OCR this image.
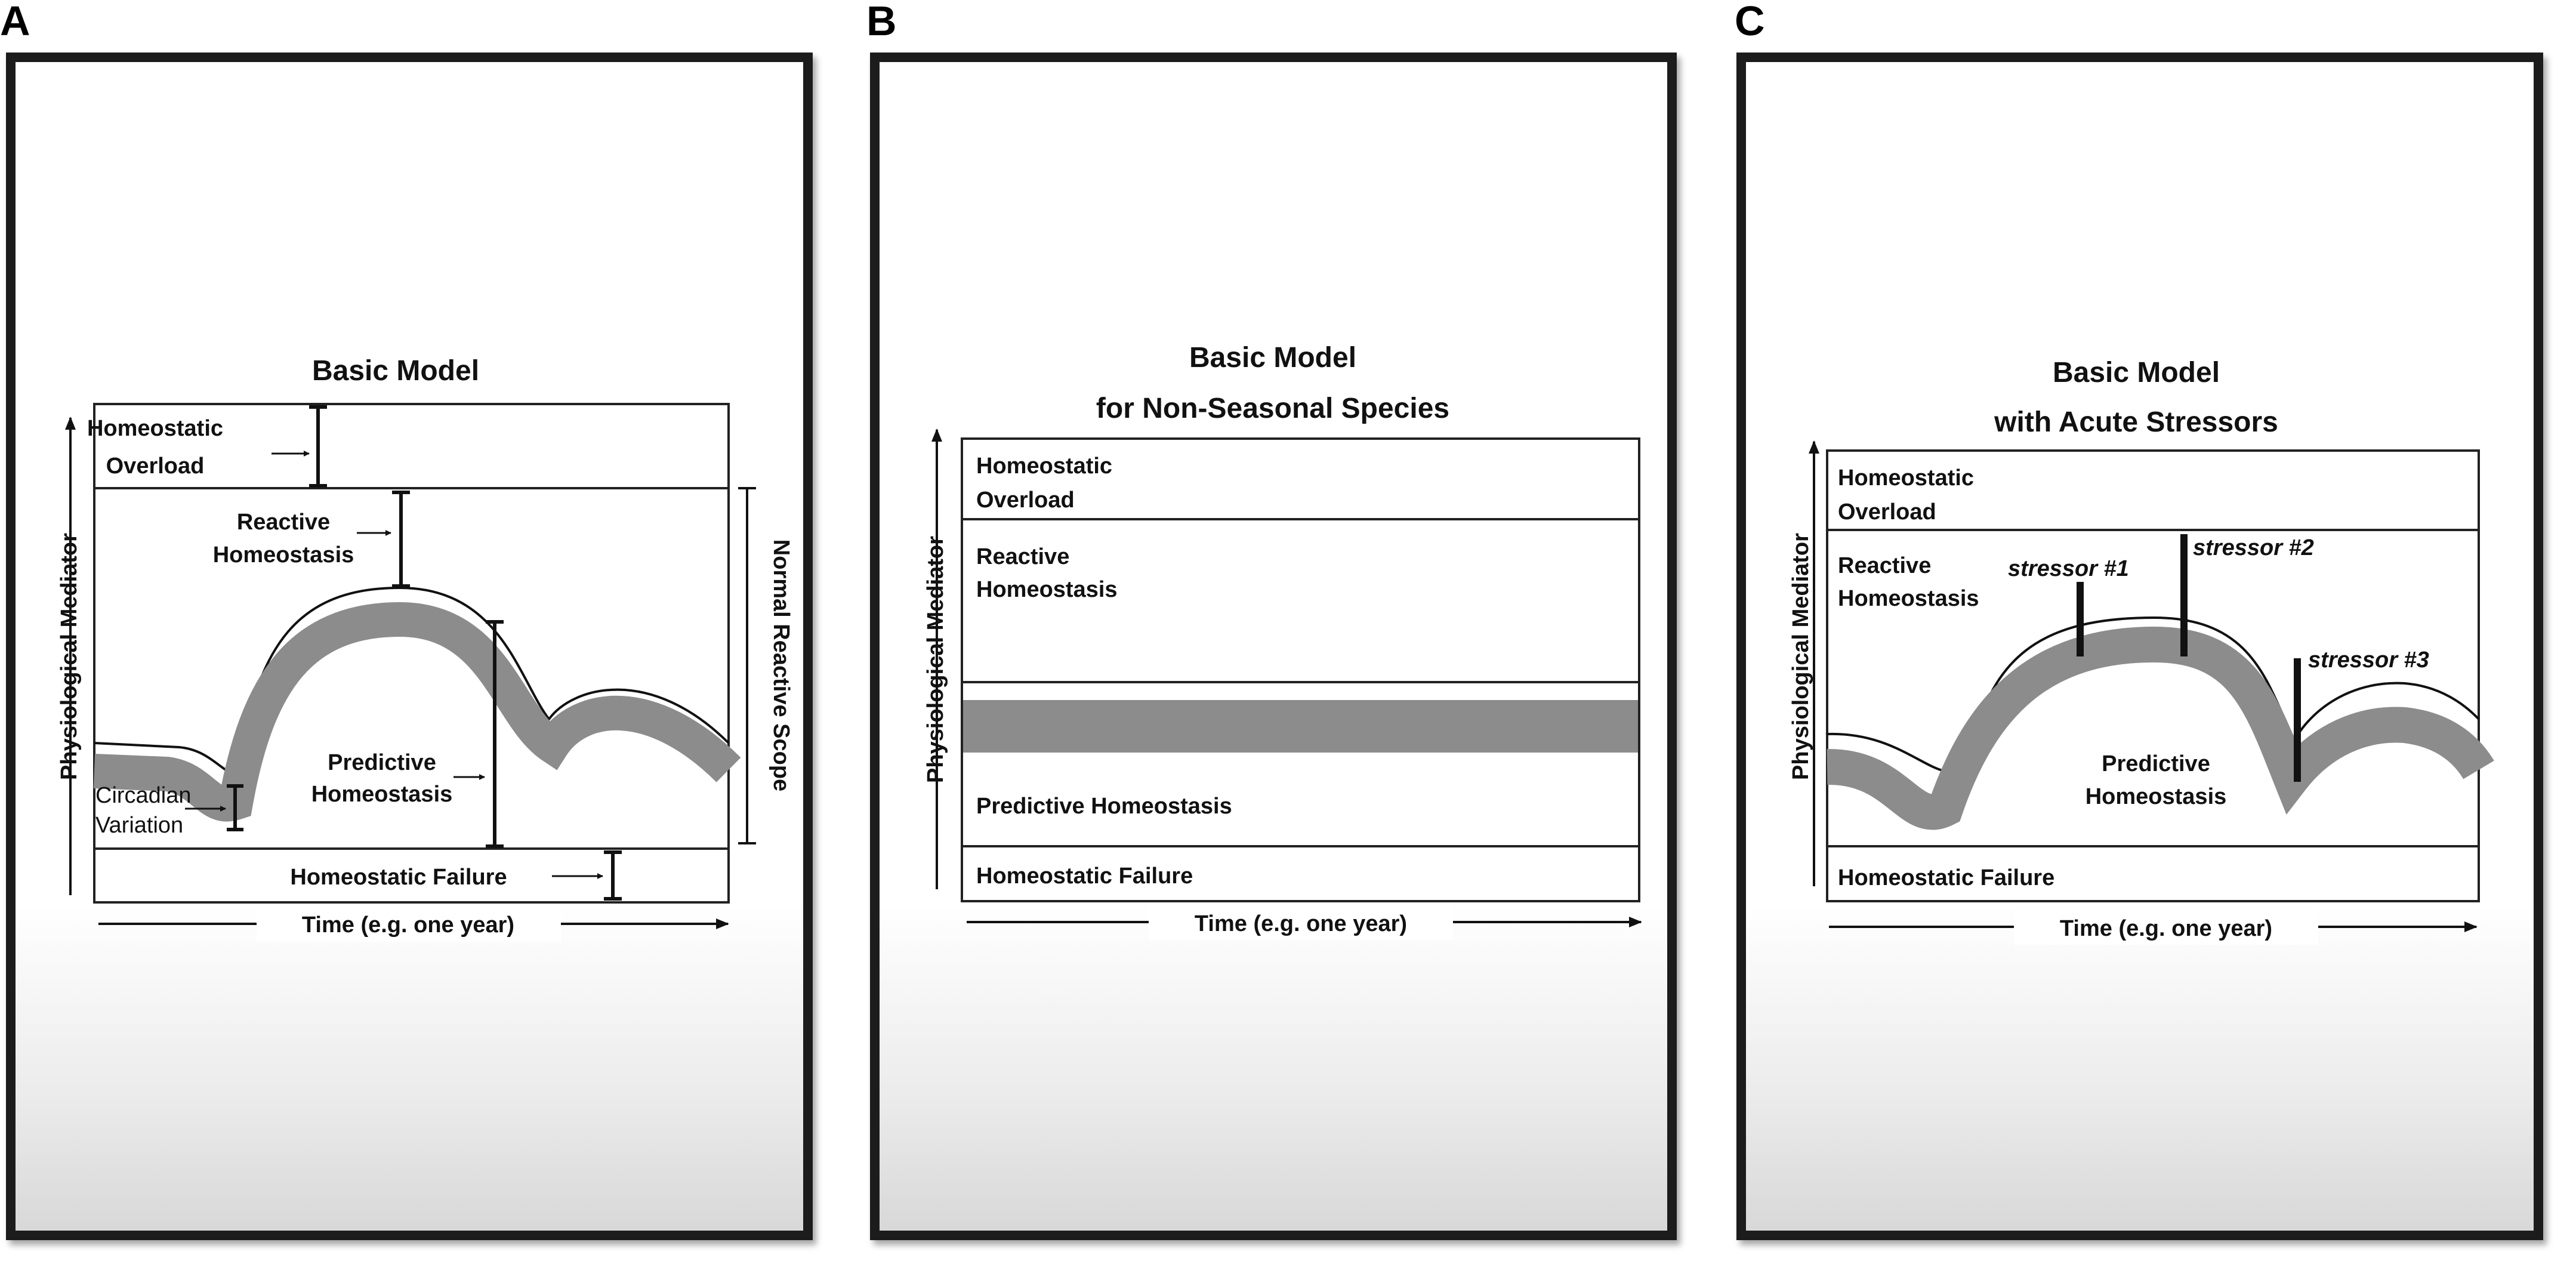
A	B	C
Basic Model
Homeostatic
Overload
Reactive
Homeostasis
Predictive
Homeostasis
Circadian
Variation
Homeostatic Failure
Normal Reactive Scope
Physiological Mediator
Time (e.g. one year)
Basic Model
for Non-Seasonal Species
Homeostatic
Overload
Reactive
Homeostasis
Predictive Homeostasis
Homeostatic Failure
Physiological Mediator
Time (e.g. one year)
Basic Model
with Acute Stressors
Homeostatic
Overload
Reactive
Homeostasis
stressor #1
stressor #2
stressor #3
Predictive
Homeostasis
Homeostatic Failure
Physiological Mediator
Time (e.g. one year)
